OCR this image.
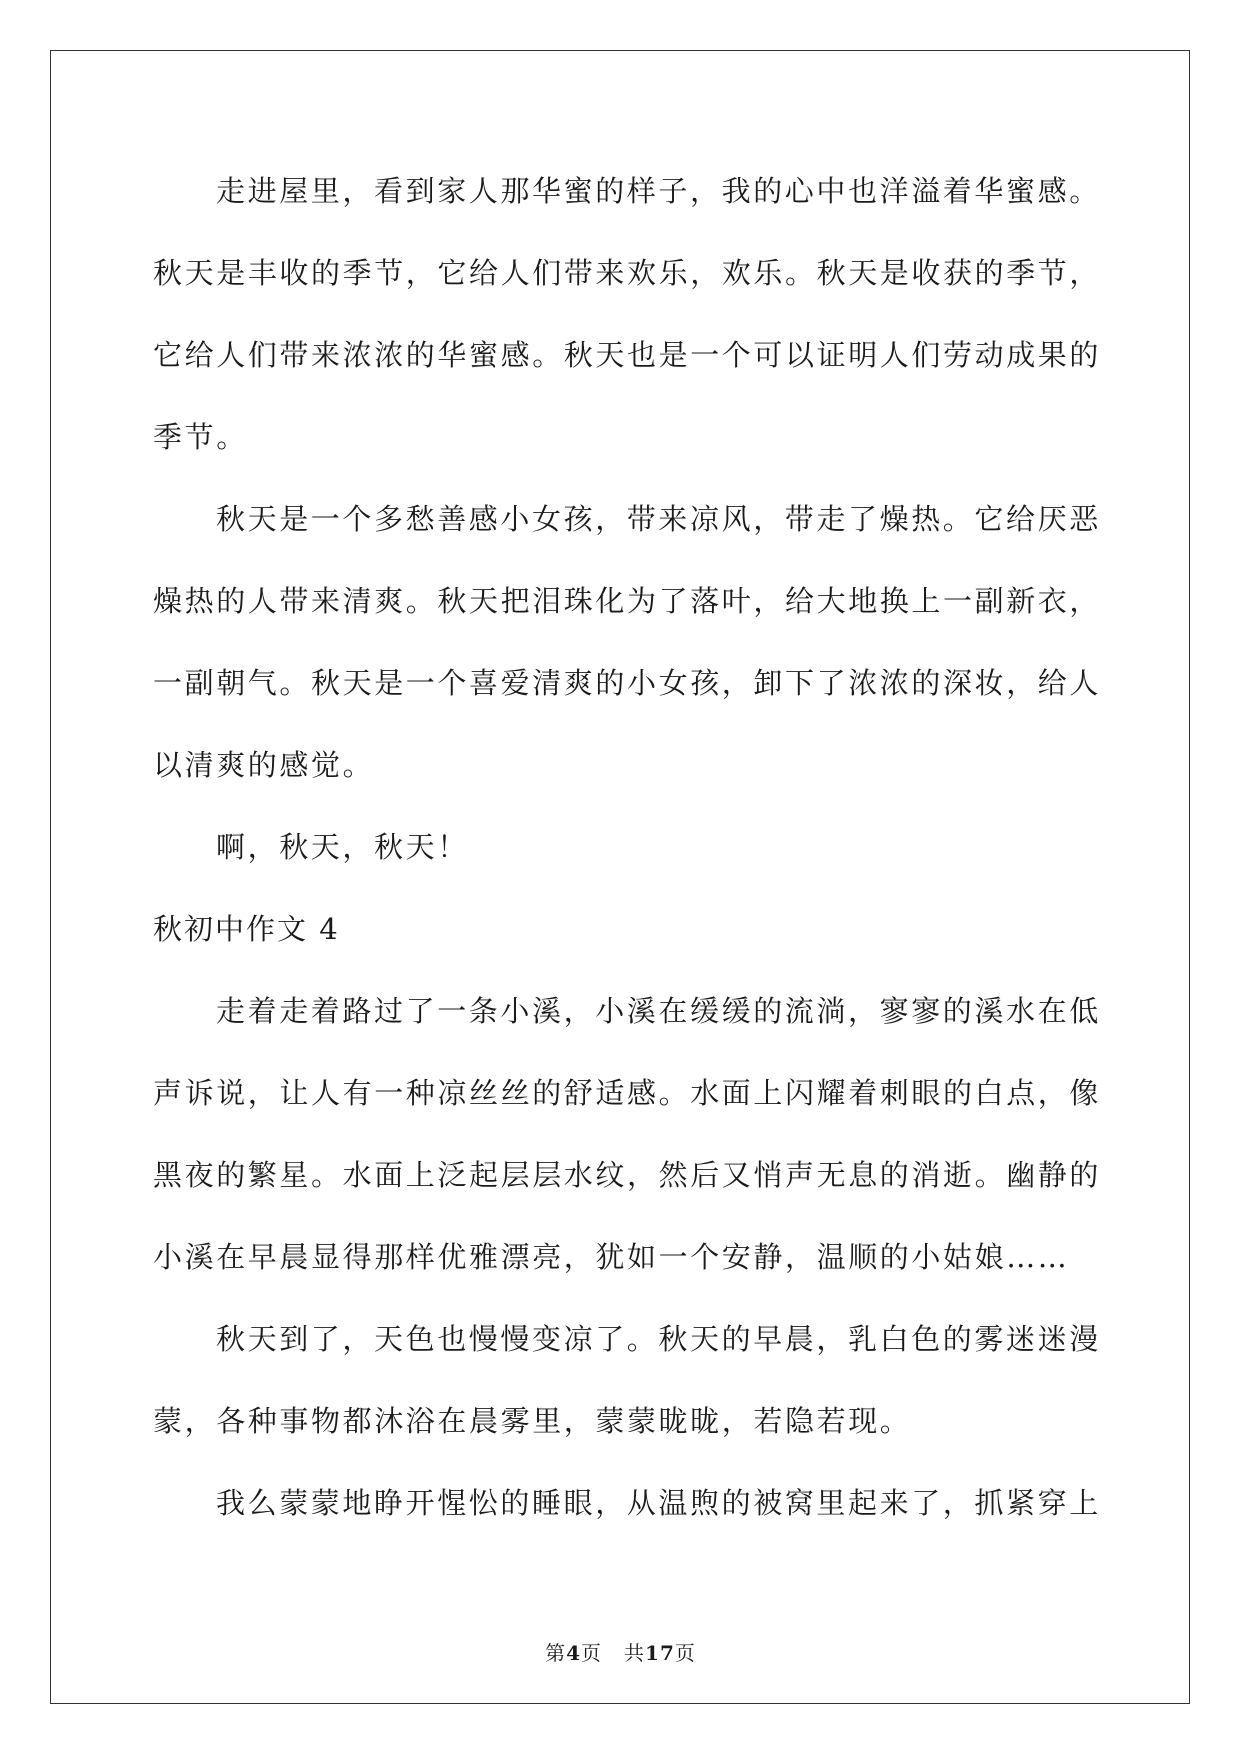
走进屋里，看到家人那华蜜的样子，我的心中也洋溢着华蜜感。
秋天是丰收的季节，它给人们带来欢乐，欢乐。秋天是收获的季节，
它给人们带来浓浓的华蜜感。秋天也是一个可以证明人们劳动成果的
季节。
秋天是一个多愁善感小女孩，带来凉风，带走了燥热。它给厌恶
燥热的人带来清爽。秋天把泪珠化为了落叶，给大地换上一副新衣，
一副朝气。秋天是一个喜爱清爽的小女孩，卸下了浓浓的深妆，给人
以清爽的感觉。
啊，秋天，秋天！
秋初中作文 4
走着走着路过了一条小溪，小溪在缓缓的流淌，寥寥的溪水在低
声诉说，让人有一种凉丝丝的舒适感。水面上闪耀着刺眼的白点，像
黑夜的繁星。水面上泛起层层水纹，然后又悄声无息的消逝。幽静的
小溪在早晨显得那样优雅漂亮，犹如一个安静，温顺的小姑娘……
秋天到了，天色也慢慢变凉了。秋天的早晨，乳白色的雾迷迷漫
蒙，各种事物都沐浴在晨雾里，蒙蒙昽昽，若隐若现。
我么蒙蒙地睁开惺忪的睡眼，从温煦的被窝里起来了，抓紧穿上
第4页 共17页
